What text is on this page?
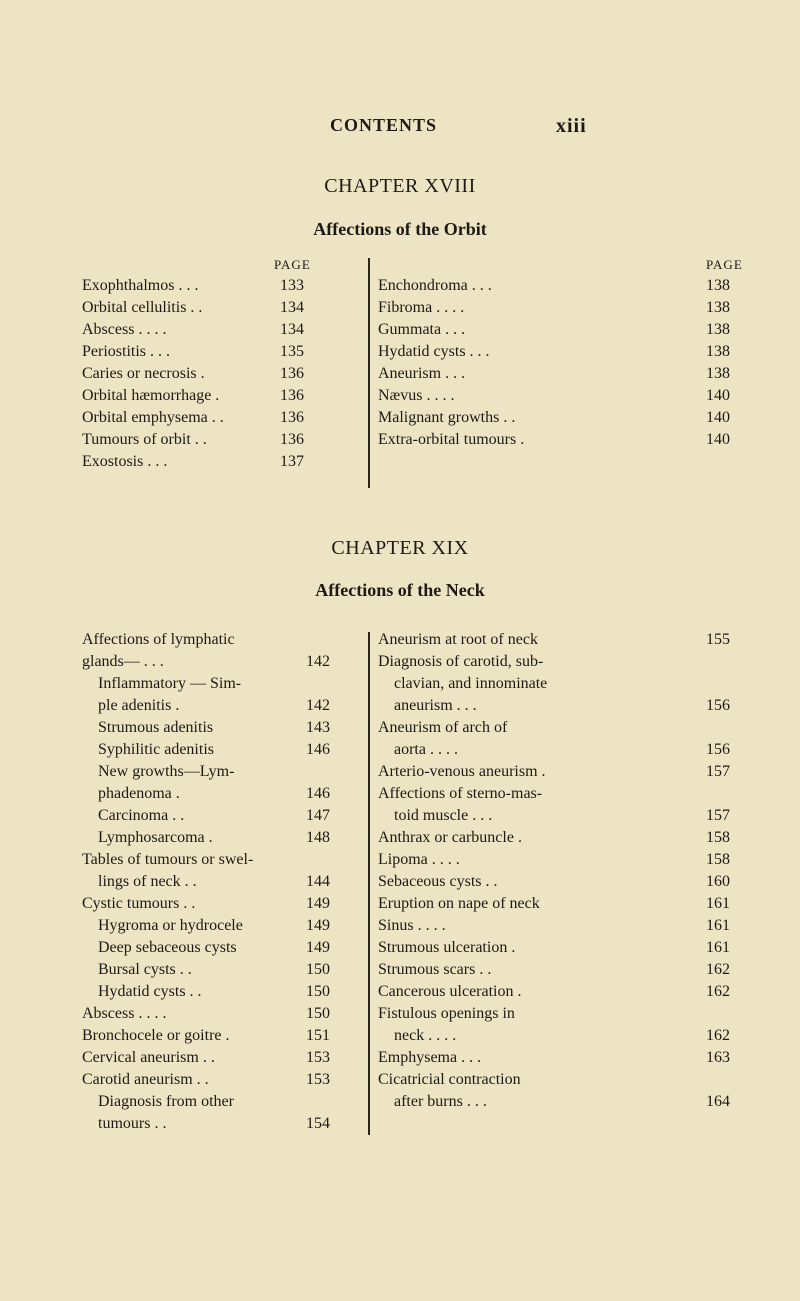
CONTENTS	xiii
CHAPTER XVIII
Affections of the Orbit
PAGE	PAGE
Exophthalmos . . .	133
Orbital cellulitis . .	134
Abscess . . . .	134
Periostitis . . .	135
Caries or necrosis .	136
Orbital hæmorrhage .	136
Orbital emphysema . .	136
Tumours of orbit . .	136
Exostosis . . .	137
Enchondroma . . .	138
Fibroma . . . .	138
Gummata . . .	138
Hydatid cysts . . .	138
Aneurism . . .	138
Nævus . . . .	140
Malignant growths . .	140
Extra-orbital tumours .	140
CHAPTER XIX
Affections of the Neck
Affections of lymphatic
glands— . . .	142
Inflammatory — Sim-
ple adenitis .	142
Strumous adenitis	143
Syphilitic adenitis	146
New growths—Lym-
phadenoma .	146
Carcinoma . .	147
Lymphosarcoma .	148
Tables of tumours or swel-
lings of neck . .	144
Cystic tumours . .	149
Hygroma or hydrocele	149
Deep sebaceous cysts	149
Bursal cysts . .	150
Hydatid cysts . .	150
Abscess . . . .	150
Bronchocele or goitre .	151
Cervical aneurism . .	153
Carotid aneurism . .	153
Diagnosis from other
tumours . .	154
Aneurism at root of neck	155
Diagnosis of carotid, sub-
clavian, and innominate
aneurism . . .	156
Aneurism of arch of
aorta . . . .	156
Arterio-venous aneurism .	157
Affections of sterno-mas-
toid muscle . . .	157
Anthrax or carbuncle .	158
Lipoma . . . .	158
Sebaceous cysts . .	160
Eruption on nape of neck	161
Sinus . . . .	161
Strumous ulceration .	161
Strumous scars . .	162
Cancerous ulceration .	162
Fistulous openings in
neck . . . .	162
Emphysema . . .	163
Cicatricial contraction
after burns . . .	164
